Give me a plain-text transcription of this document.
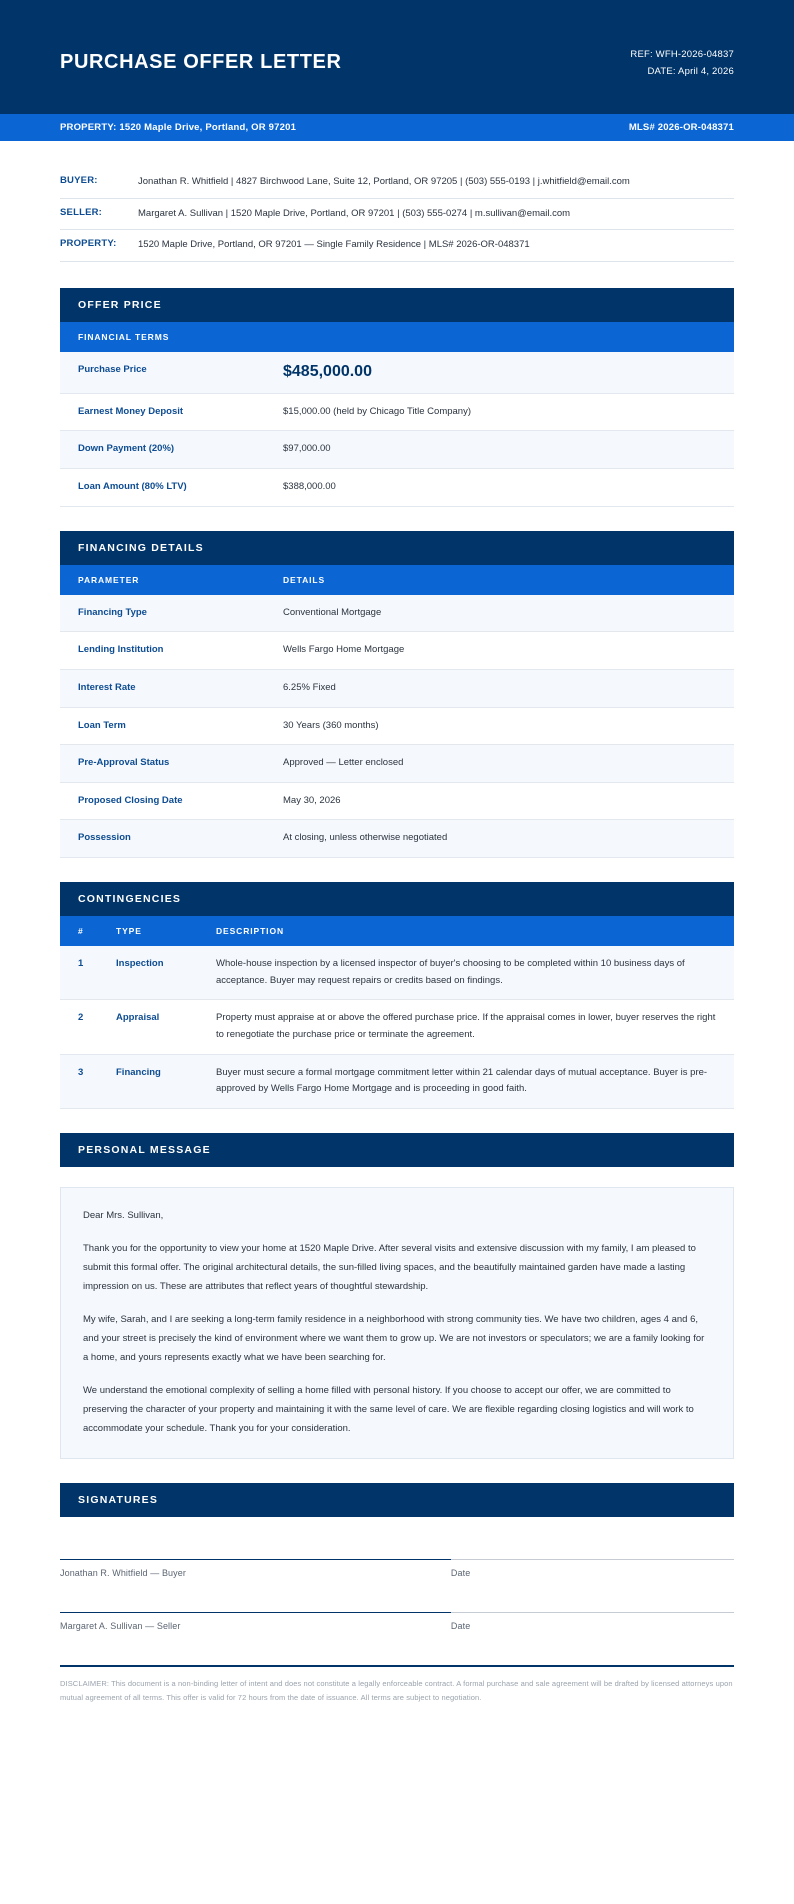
PURCHASE OFFER LETTER	REF: WFH-2026-04837
DATE: April 4, 2026
PROPERTY: 1520 Maple Drive, Portland, OR 97201	MLS# 2026-OR-048371
BUYER:	Jonathan R. Whitfield | 4827 Birchwood Lane, Suite 12, Portland, OR 97205 | (503) 555-0193 | j.whitfield@email.com
SELLER:	Margaret A. Sullivan | 1520 Maple Drive, Portland, OR 97201 | (503) 555-0274 | m.sullivan@email.com
PROPERTY:	1520 Maple Drive, Portland, OR 97201 — Single Family Residence | MLS# 2026-OR-048371
OFFER PRICE
FINANCIAL TERMS	
Purchase Price	$485,000.00
Earnest Money Deposit	$15,000.00 (held by Chicago Title Company)
Down Payment (20%)	$97,000.00
Loan Amount (80% LTV)	$388,000.00
FINANCING DETAILS
PARAMETER	DETAILS
Financing Type	Conventional Mortgage
Lending Institution	Wells Fargo Home Mortgage
Interest Rate	6.25% Fixed
Loan Term	30 Years (360 months)
Pre-Approval Status	Approved — Letter enclosed
Proposed Closing Date	May 30, 2026
Possession	At closing, unless otherwise negotiated
CONTINGENCIES
#	TYPE	DESCRIPTION
1	Inspection	Whole-house inspection by a licensed inspector of buyer's choosing to be completed within 10 business days of acceptance. Buyer may request repairs or credits based on findings.
2	Appraisal	Property must appraise at or above the offered purchase price. If the appraisal comes in lower, buyer reserves the right to renegotiate the purchase price or terminate the agreement.
3	Financing	Buyer must secure a formal mortgage commitment letter within 21 calendar days of mutual acceptance. Buyer is pre-approved by Wells Fargo Home Mortgage and is proceeding in good faith.
PERSONAL MESSAGE

Dear Mrs. Sullivan,

Thank you for the opportunity to view your home at 1520 Maple Drive. After several visits and extensive discussion with my family, I am pleased to submit this formal offer. The original architectural details, the sun-filled living spaces, and the beautifully maintained garden have made a lasting impression on us. These are attributes that reflect years of thoughtful stewardship.

My wife, Sarah, and I are seeking a long-term family residence in a neighborhood with strong community ties. We have two children, ages 4 and 6, and your street is precisely the kind of environment where we want them to grow up. We are not investors or speculators; we are a family looking for a home, and yours represents exactly what we have been searching for.

We understand the emotional complexity of selling a home filled with personal history. If you choose to accept our offer, we are committed to preserving the character of your property and maintaining it with the same level of care. We are flexible regarding closing logistics and will work to accommodate your schedule. Thank you for your consideration.

SIGNATURES
Jonathan R. Whitfield — Buyer	Date
Margaret A. Sullivan — Seller	Date
DISCLAIMER: This document is a non-binding letter of intent and does not constitute a legally enforceable contract. A formal purchase and sale agreement will be drafted by licensed attorneys upon mutual agreement of all terms. This offer is valid for 72 hours from the date of issuance. All terms are subject to negotiation.
